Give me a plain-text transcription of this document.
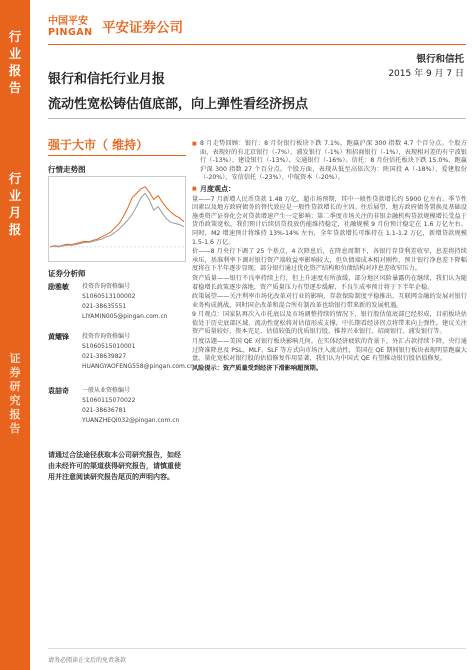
行
业
报
告
行
业
月
报
证
券
研
究
报
告
中国平安
PINGAN 平安证券公司
银行和信托
2015 年 9 月 7 日
银行和信托行业月报
流动性宽松铸估值底部，向上弹性看经济拐点
强于大市（ 维持）
行情走势图
证券分析师
励雅敏 投资咨询资格编号
S1060513100002
021-38635551
LIYAMIN005@pingan.com.cn
黄耀锋 投资咨询资格编号
S1060515010001
021-38639827
HUANGYAOFENG558@pingan.com.cn
袁喆奇 一般从业资格编号
S1060115070022
021-38636781
YUANZHEQI032@pingan.com.cn
请通过合法途径获取本公司研究报告，如经由未经许可的渠道获得研究报告，请慎重使用并注意阅读研究报告尾页的声明内容。

■ 8 月走势回顾：银行：8 月份银行板块下跌 7.1%，跑赢沪深 300 指数 4.7 个百分点。个股方面，表现好的有北京银行（-7%）、浦发银行（-1%）和招商银行（-1%），表现相对差的有宁波银行（-13%）、建设银行（-13%）、交通银行（-16%）。信托：8 月份信托板块下跌 15.0%，跑赢沪深 300 指数 27 个百分点。个股方面，表现从低至高依次为：陕国投 A（-18%）、爱建股份（-20%）、安信信托（-23%）、中航资本（-20%）。

■ 月度观点：

量——7 月新增人民币贷款 1.48 万亿，超市场预期，其中一般性贷款增长约 5900 亿左右。季节性因素以及地方政府债务的替代效应是一般性贷款增长的主因。往后展望，地方政府债务置换及基础设施类资产证券化会对贷款增速产生一定影响；第二季度市场关注的非银金融机构贷款规模增长受益于货币政策宽松，我们预计后续信贷投放仍能维持稳定，社融规模 9 月份预计稳定在 1.6 万亿左右。同时，M2 增速预计将维持 13%-14% 左右，全年贷款增长可维持在 1.1-1.2 万亿，新增贷款规模 1.5-1.6 万亿。

价——8 月央行下调了 25 个基点，4 次降息后，在降息周期下，各银行存贷利差收窄，息差将持续承压，基准利率下调对银行资产端收益率影响较大，但负债端成本相对刚性，预计银行净息差下降幅度将在下半年逐步显现，部分银行通过优化资产结构和负债结构对冲息差收窄压力。

资产质量——银行不良率持续上行，但上升速度有所放缓，部分地区风险暴露仍在继续，我们认为随着稳增长政策逐步落地，资产质量压力有望逐步缓解，不良生成率预计将于下半年企稳。

政策展望——关注利率市场化改革对行业的影响，存款保险制度平稳推出，互联网金融的发展对银行业务构成挑战，同时国企改革和混合所有制改革也给银行带来新的发展机遇。

9 月观点：国家队再次入市托底以及市场调整持续的情况下，银行股估值底部已经形成，目前板块估值处于历史底部区域，流动性宽松将对估值形成支撑，中长期看经济拐点将带来向上弹性。建议关注资产质量较好、资本充足、估值较低的优质银行股，推荐兴业银行、招商银行、浦发银行等。

月度话题——美国 QE 对银行板块影响几何。在实体经济疲软的背景下，外汇占款持续下降，央行通过降准降息及 PSL、MLF、SLF 等方式向市场注入流动性，美国在 QE 期间银行板块表现明显跑赢大盘，量化宽松对银行股的估值修复作用显著，我们认为中国式 QE 有望推动银行股估值修复。

风险提示：资产质量受到经济下滑影响超预期。

请务必阅读正文后的免责条款
